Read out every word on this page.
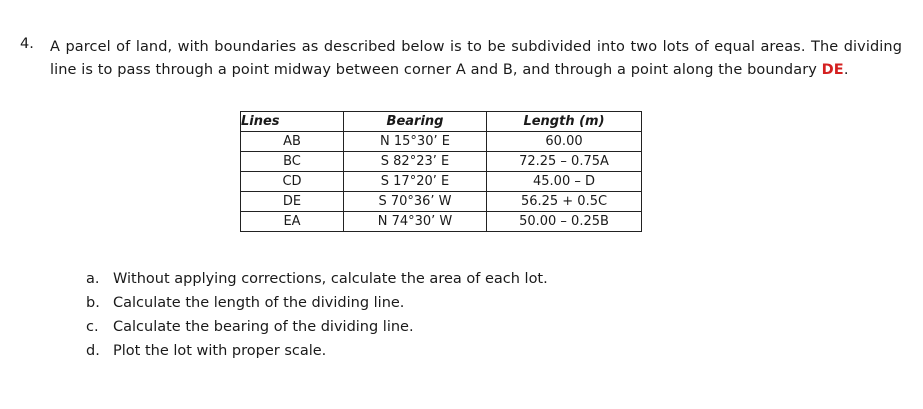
4. A parcel of land, with boundaries as described below is to be subdivided into two lots of equal areas. The dividing line is to pass through a point midway between corner A and B, and through a point along the boundary DE.
Lines	Bearing	Length (m)
AB	N 15°30’ E	60.00
BC	S 82°23’ E	72.25 – 0.75A
CD	S 17°20’ E	45.00 – D
DE	S 70°36’ W	56.25 + 0.5C
EA	N 74°30’ W	50.00 – 0.25B
a. Without applying corrections, calculate the area of each lot.
b. Calculate the length of the dividing line.
c. Calculate the bearing of the dividing line.
d. Plot the lot with proper scale.
